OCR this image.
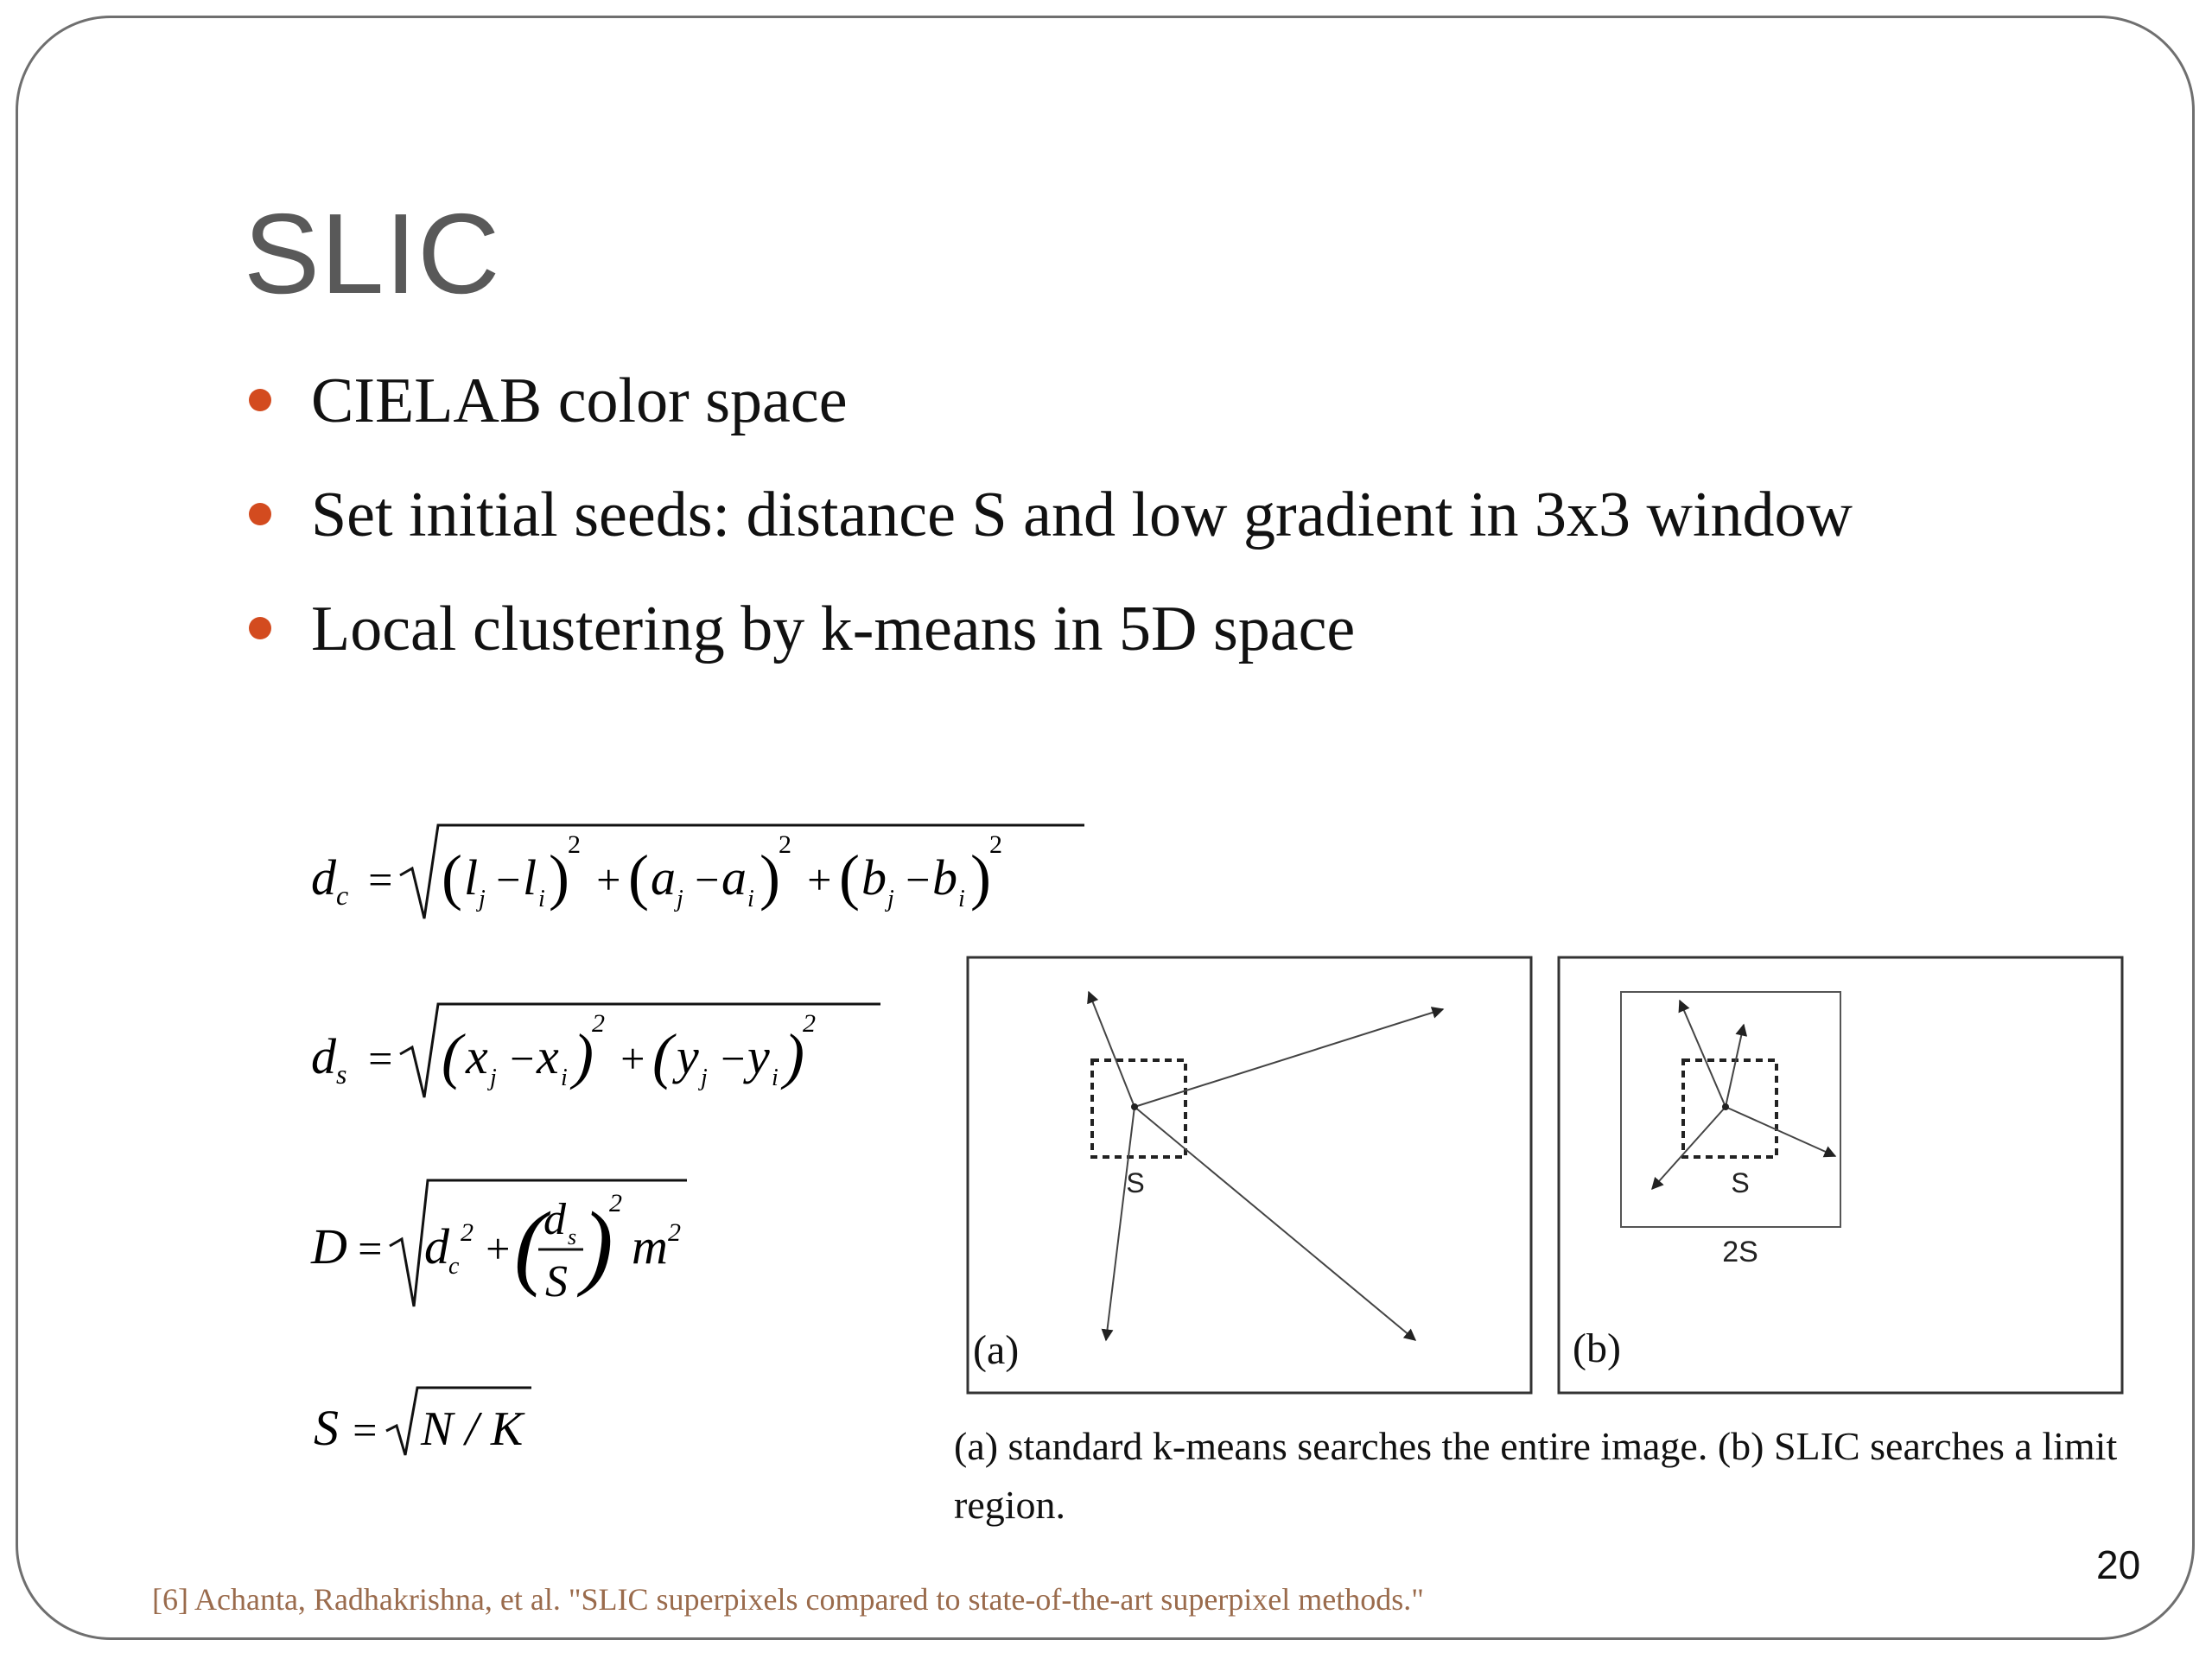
SLIC
CIELAB color space
Set initial seeds: distance S and low gradient in 3x3 window
Local clustering by k-means in 5D space
d c = ( l j − l i )
2
+ ( a j − a i )
2
+ ( b j − b i )
2
d s = ( x j − x i )
2
+ ( y j − y i )
2
D = d c
2 + (
d s
S )
2
m 2
S = N / K
S
(a)
S
2S
(b)
(a) standard k-means searches the entire image. (b) SLIC searches a limit region.
20
[6] Achanta, Radhakrishna, et al. "SLIC superpixels compared to state-of-the-art superpixel methods."
